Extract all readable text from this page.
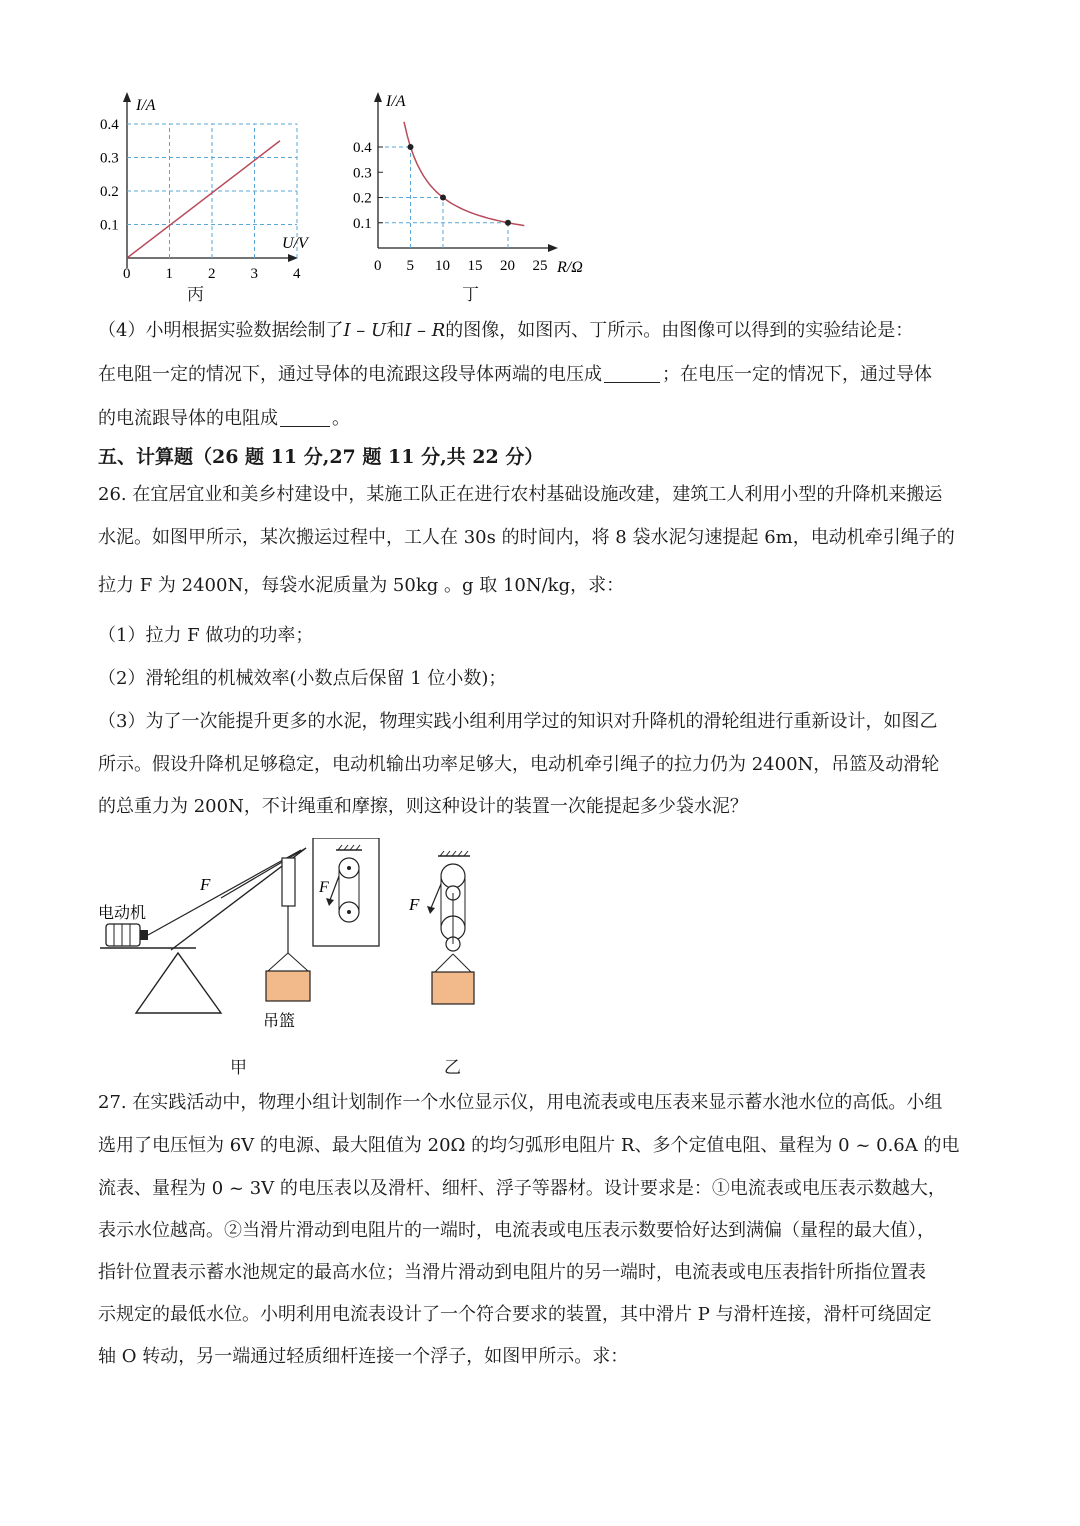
0.4
0.3
0.2
0.1
0 1 2 3 4
I/A
U/V
丙
0.4
0.3
0.2
0.1
0 5 10 15 20 25
I/A
R/Ω
丁
（4）小明根据实验数据绘制了I – U和I – R的图像，如图丙、丁所示。由图像可以得到的实验结论是：
在电阻一定的情况下，通过导体的电流跟这段导体两端的电压成	；在电压一定的情况下，通过导体
的电流跟导体的电阻成	。
五、计算题（26 题 11 分,27 题 11 分,共 22 分）
26. 在宜居宜业和美乡村建设中，某施工队正在进行农村基础设施改建，建筑工人利用小型的升降机来搬运
水泥。如图甲所示，某次搬运过程中，工人在 30s 的时间内，将 8 袋水泥匀速提起 6m，电动机牵引绳子的
拉力 F 为 2400N，每袋水泥质量为 50kg 。g 取 10N/kg，求：
（1）拉力 F 做功的功率；
（2）滑轮组的机械效率(小数点后保留 1 位小数)；
（3）为了一次能提升更多的水泥，物理实践小组利用学过的知识对升降机的滑轮组进行重新设计，如图乙
所示。假设升降机足够稳定，电动机输出功率足够大，电动机牵引绳子的拉力仍为 2400N，吊篮及动滑轮
的总重力为 200N，不计绳重和摩擦，则这种设计的装置一次能提起多少袋水泥？
F
F
电动机
吊篮
甲
F
乙
27. 在实践活动中，物理小组计划制作一个水位显示仪，用电流表或电压表来显示蓄水池水位的高低。小组
选用了电压恒为 6V 的电源、最大阻值为 20Ω 的均匀弧形电阻片 R、多个定值电阻、量程为 0 ~ 0.6A 的电
流表、量程为 0 ~ 3V 的电压表以及滑杆、细杆、浮子等器材。设计要求是：①电流表或电压表示数越大，
表示水位越高。②当滑片滑动到电阻片的一端时，电流表或电压表示数要恰好达到满偏（量程的最大值），
指针位置表示蓄水池规定的最高水位；当滑片滑动到电阻片的另一端时，电流表或电压表指针所指位置表
示规定的最低水位。小明利用电流表设计了一个符合要求的装置，其中滑片 P 与滑杆连接，滑杆可绕固定
轴 O 转动，另一端通过轻质细杆连接一个浮子，如图甲所示。求：
